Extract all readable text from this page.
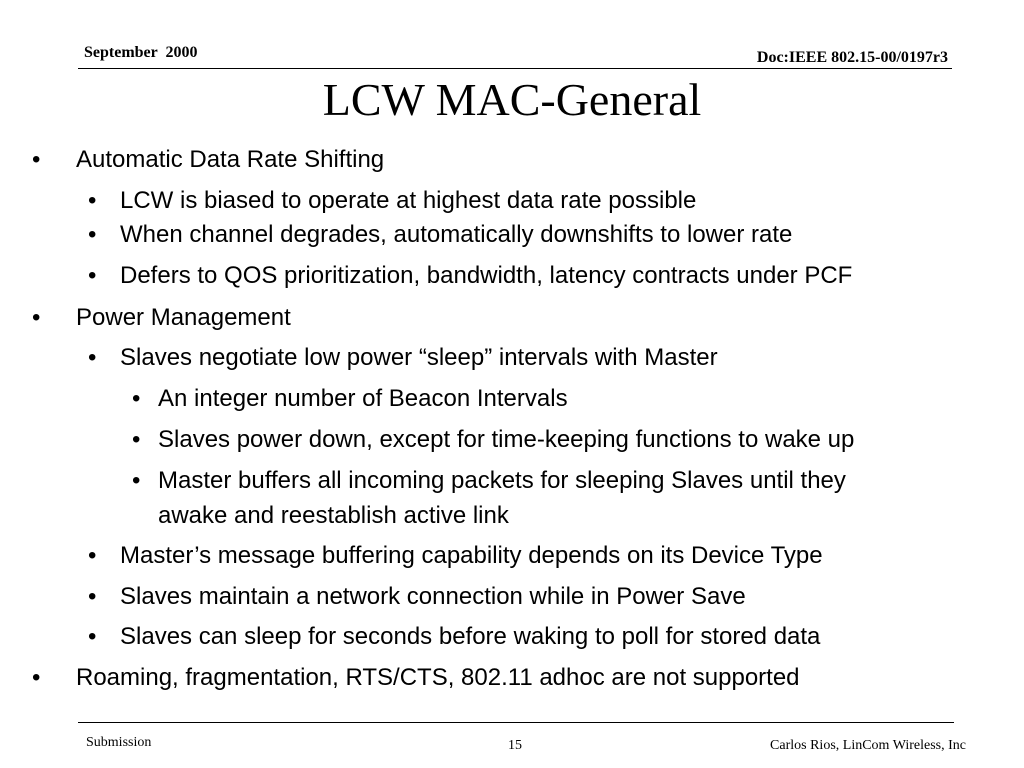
September  2000	Doc:IEEE 802.15-00/0197r3
LCW MAC-General
• Automatic Data Rate Shifting
• LCW is biased to operate at highest data rate possible
• When channel degrades, automatically downshifts to lower rate
• Defers to QOS prioritization, bandwidth, latency contracts under PCF
• Power Management
• Slaves negotiate low power “sleep” intervals with Master
• An integer number of Beacon Intervals
• Slaves power down, except for time-keeping functions to wake up
• Master buffers all incoming packets for sleeping Slaves until they
awake and reestablish active link
• Master’s message buffering capability depends on its Device Type
• Slaves maintain a network connection while in Power Save
• Slaves can sleep for seconds before waking to poll for stored data
• Roaming, fragmentation, RTS/CTS, 802.11 adhoc are not supported
Submission	15	Carlos Rios, LinCom Wireless, Inc
